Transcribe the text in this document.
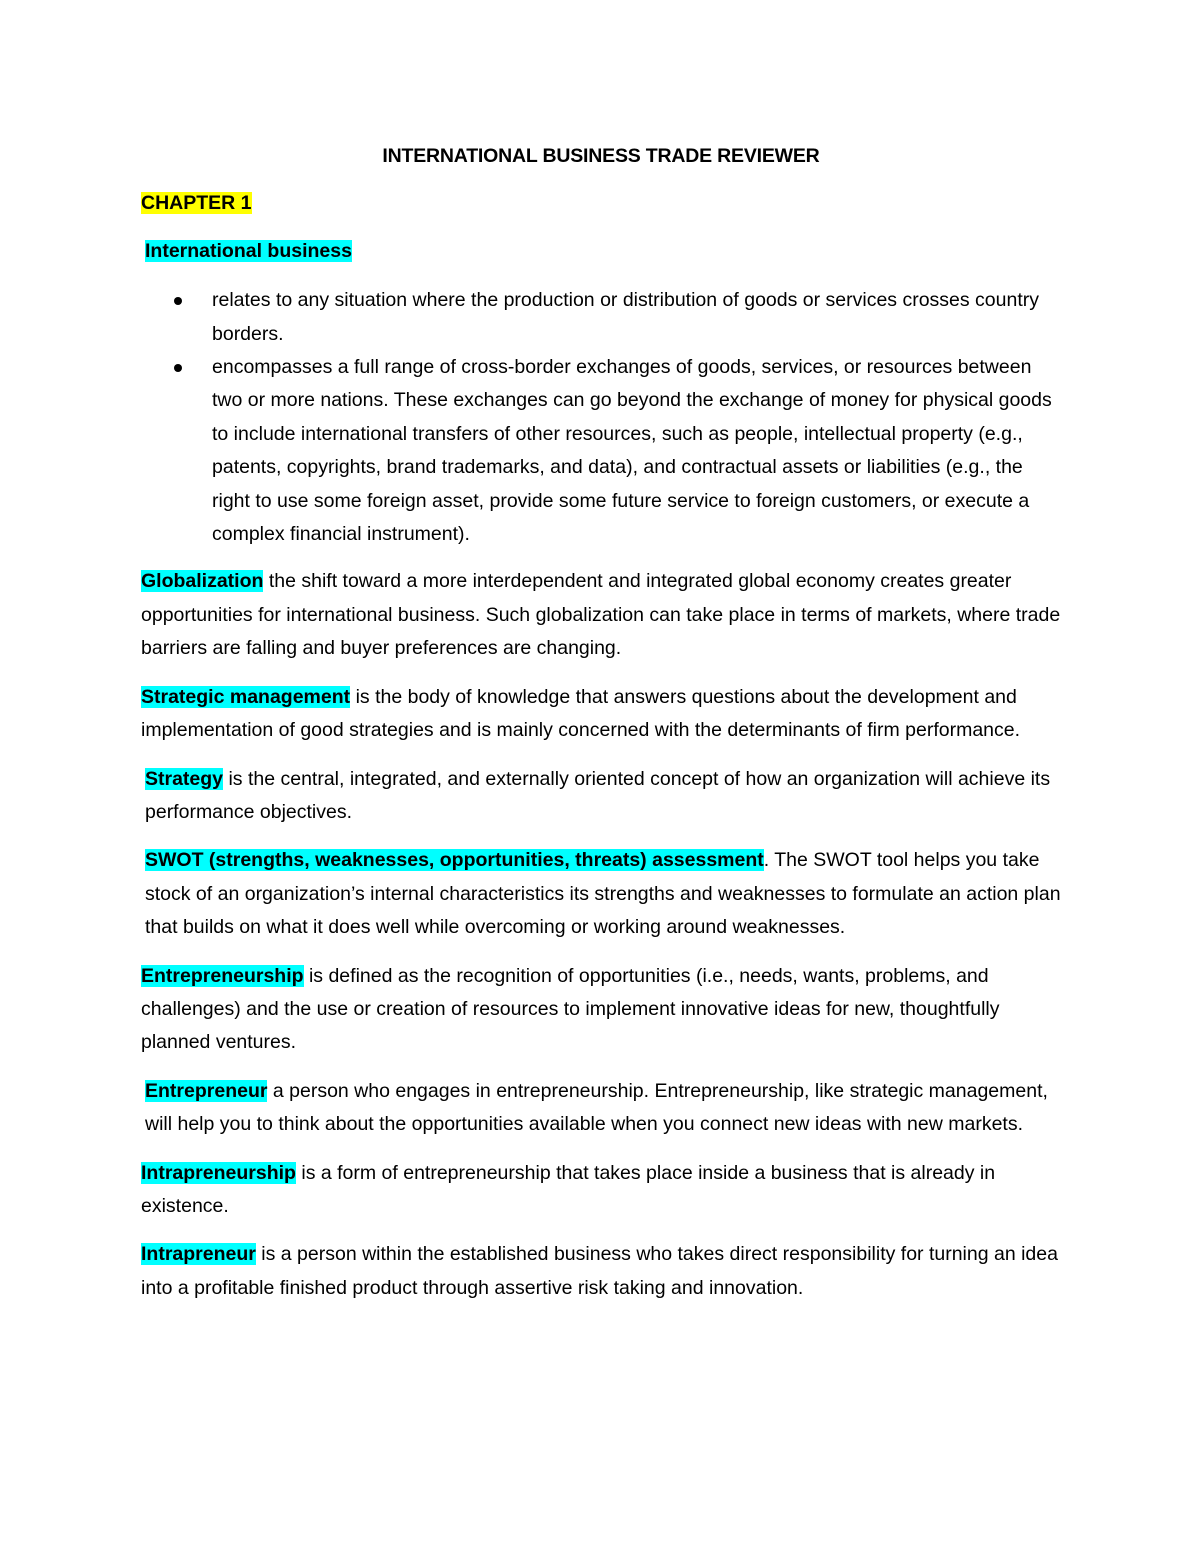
INTERNATIONAL BUSINESS TRADE REVIEWER
CHAPTER 1
International business
relates to any situation where the production or distribution of goods or services crosses country borders.
encompasses a full range of cross-border exchanges of goods, services, or resources between two or more nations. These exchanges can go beyond the exchange of money for physical goods to include international transfers of other resources, such as people, intellectual property (e.g., patents, copyrights, brand trademarks, and data), and contractual assets or liabilities (e.g., the right to use some foreign asset, provide some future service to foreign customers, or execute a complex financial instrument).

Globalization the shift toward a more interdependent and integrated global economy creates greater opportunities for international business. Such globalization can take place in terms of markets, where trade barriers are falling and buyer preferences are changing.

Strategic management is the body of knowledge that answers questions about the development and implementation of good strategies and is mainly concerned with the determinants of firm performance.

Strategy is the central, integrated, and externally oriented concept of how an organization will achieve its performance objectives.

SWOT (strengths, weaknesses, opportunities, threats) assessment. The SWOT tool helps you take stock of an organization’s internal characteristics its strengths and weaknesses to formulate an action plan that builds on what it does well while overcoming or working around weaknesses.

Entrepreneurship is defined as the recognition of opportunities (i.e., needs, wants, problems, and challenges) and the use or creation of resources to implement innovative ideas for new, thoughtfully planned ventures.

Entrepreneur a person who engages in entrepreneurship. Entrepreneurship, like strategic management, will help you to think about the opportunities available when you connect new ideas with new markets.

Intrapreneurship is a form of entrepreneurship that takes place inside a business that is already in existence.

Intrapreneur is a person within the established business who takes direct responsibility for turning an idea into a profitable finished product through assertive risk taking and innovation.
